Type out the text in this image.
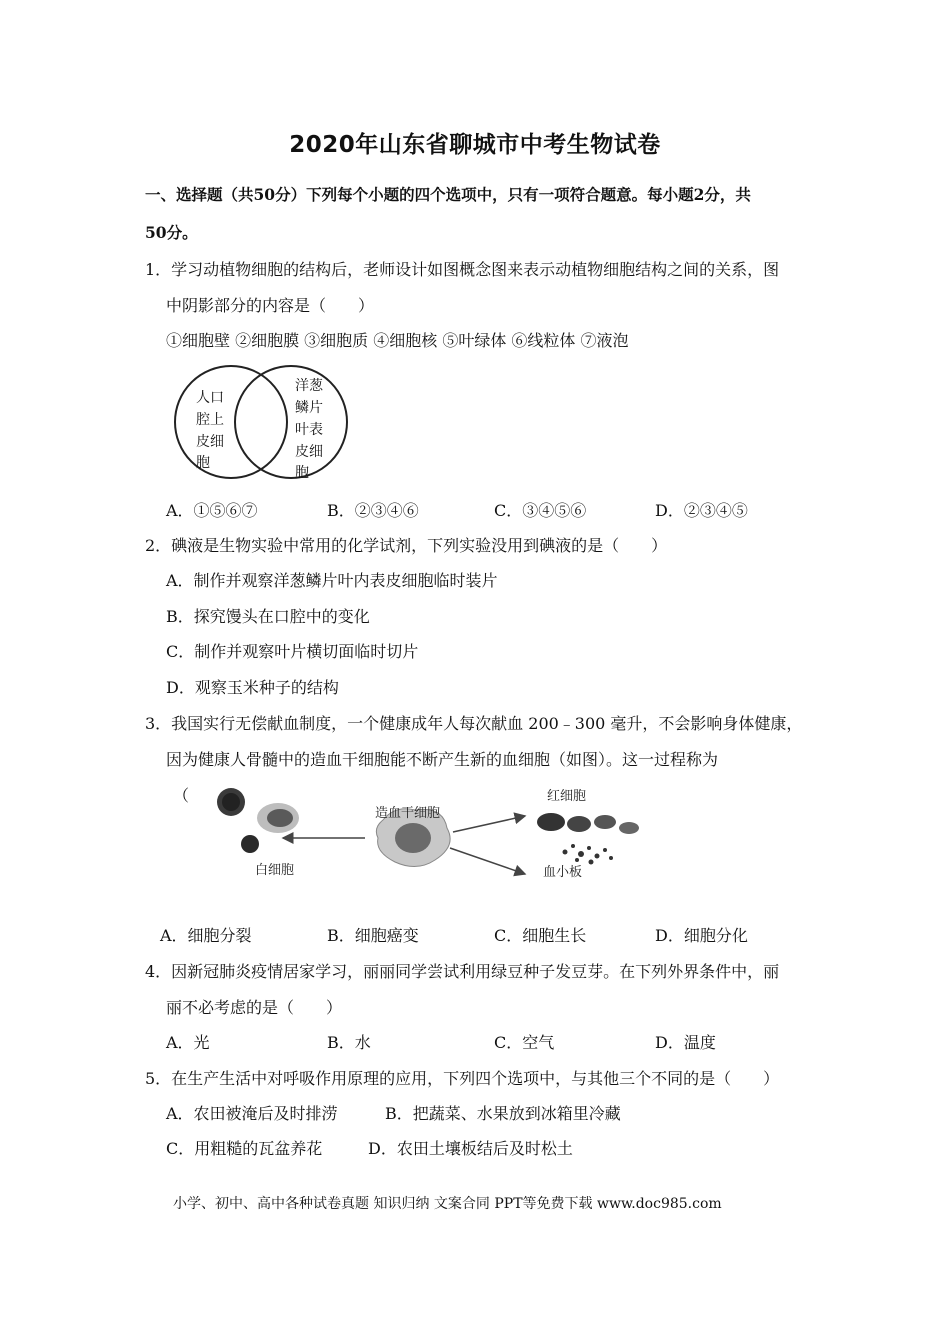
2020年山东省聊城市中考生物试卷
一、选择题（共50分）下列每个小题的四个选项中，只有一项符合题意。每小题2分，共
50分。
1．学习动植物细胞的结构后，老师设计如图概念图来表示动植物细胞结构之间的关系，图
中阴影部分的内容是（　　）
①细胞壁 ②细胞膜 ③细胞质 ④细胞核 ⑤叶绿体 ⑥线粒体 ⑦液泡
人口
腔上
皮细
胞
洋葱
鳞片
叶表
皮细
胞
A．①⑤⑥⑦	B．②③④⑥	C．③④⑤⑥	D．②③④⑤
2．碘液是生物实验中常用的化学试剂，下列实验没用到碘液的是（　　）
A．制作并观察洋葱鳞片叶内表皮细胞临时装片
B．探究馒头在口腔中的变化
C．制作并观察叶片横切面临时切片
D．观察玉米种子的结构
3．我国实行无偿献血制度，一个健康成年人每次献血 200﹣300 毫升，不会影响身体健康，
因为健康人骨髓中的造血干细胞能不断产生新的血细胞（如图）。这一过程称为
（
白细胞
造血干细胞
红细胞
血小板
A．细胞分裂	B．细胞癌变	C．细胞生长	D．细胞分化
4．因新冠肺炎疫情居家学习，丽丽同学尝试利用绿豆种子发豆芽。在下列外界条件中，丽
丽不必考虑的是（　　）
A．光	B．水	C．空气	D．温度
5．在生产生活中对呼吸作用原理的应用，下列四个选项中，与其他三个不同的是（　　）
A．农田被淹后及时排涝	B．把蔬菜、水果放到冰箱里冷藏
C．用粗糙的瓦盆养花	D．农田土壤板结后及时松土
小学、初中、高中各种试卷真题 知识归纳 文案合同 PPT等免费下载 www.doc985.com
